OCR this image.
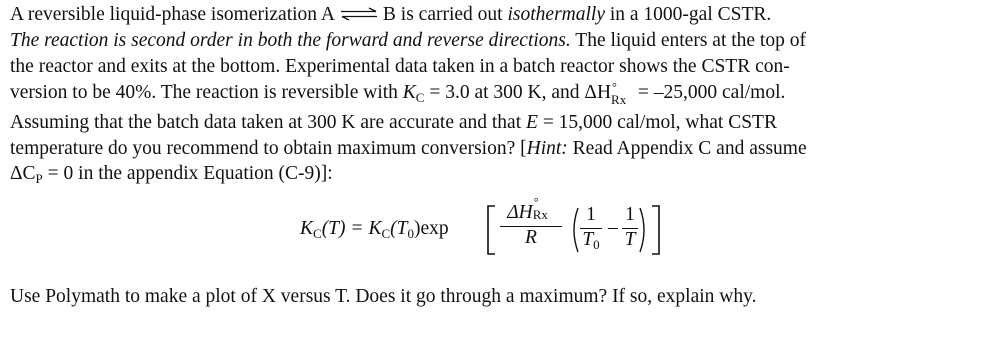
A reversible liquid-phase isomerization A ⇌ B is carried out isothermally in a 1000-gal CSTR.

The reaction is second order in both the forward and reverse directions. The liquid enters at the top of

the reactor and exits at the bottom. Experimental data taken in a batch reactor shows the CSTR con-

version to be 40%. The reaction is reversible with $K_C = 3.0$ at 300 K, and ΔH °
Rx = –25,000 cal/mol.

Assuming that the batch data taken at 300 K are accurate and that E = 15,000 cal/mol, what CSTR

temperature do you recommend to obtain maximum conversion? [Hint: Read Appendix C and assume

$\Delta C_P = 0$ in the appendix Equation (C-9)]:

$K_C(T) = K_C(T_0)\exp$
ΔH °
Rx
R
1
$T_0$
–
1
T
Use Polymath to make a plot of X versus T. Does it go through a maximum? If so, explain why.
